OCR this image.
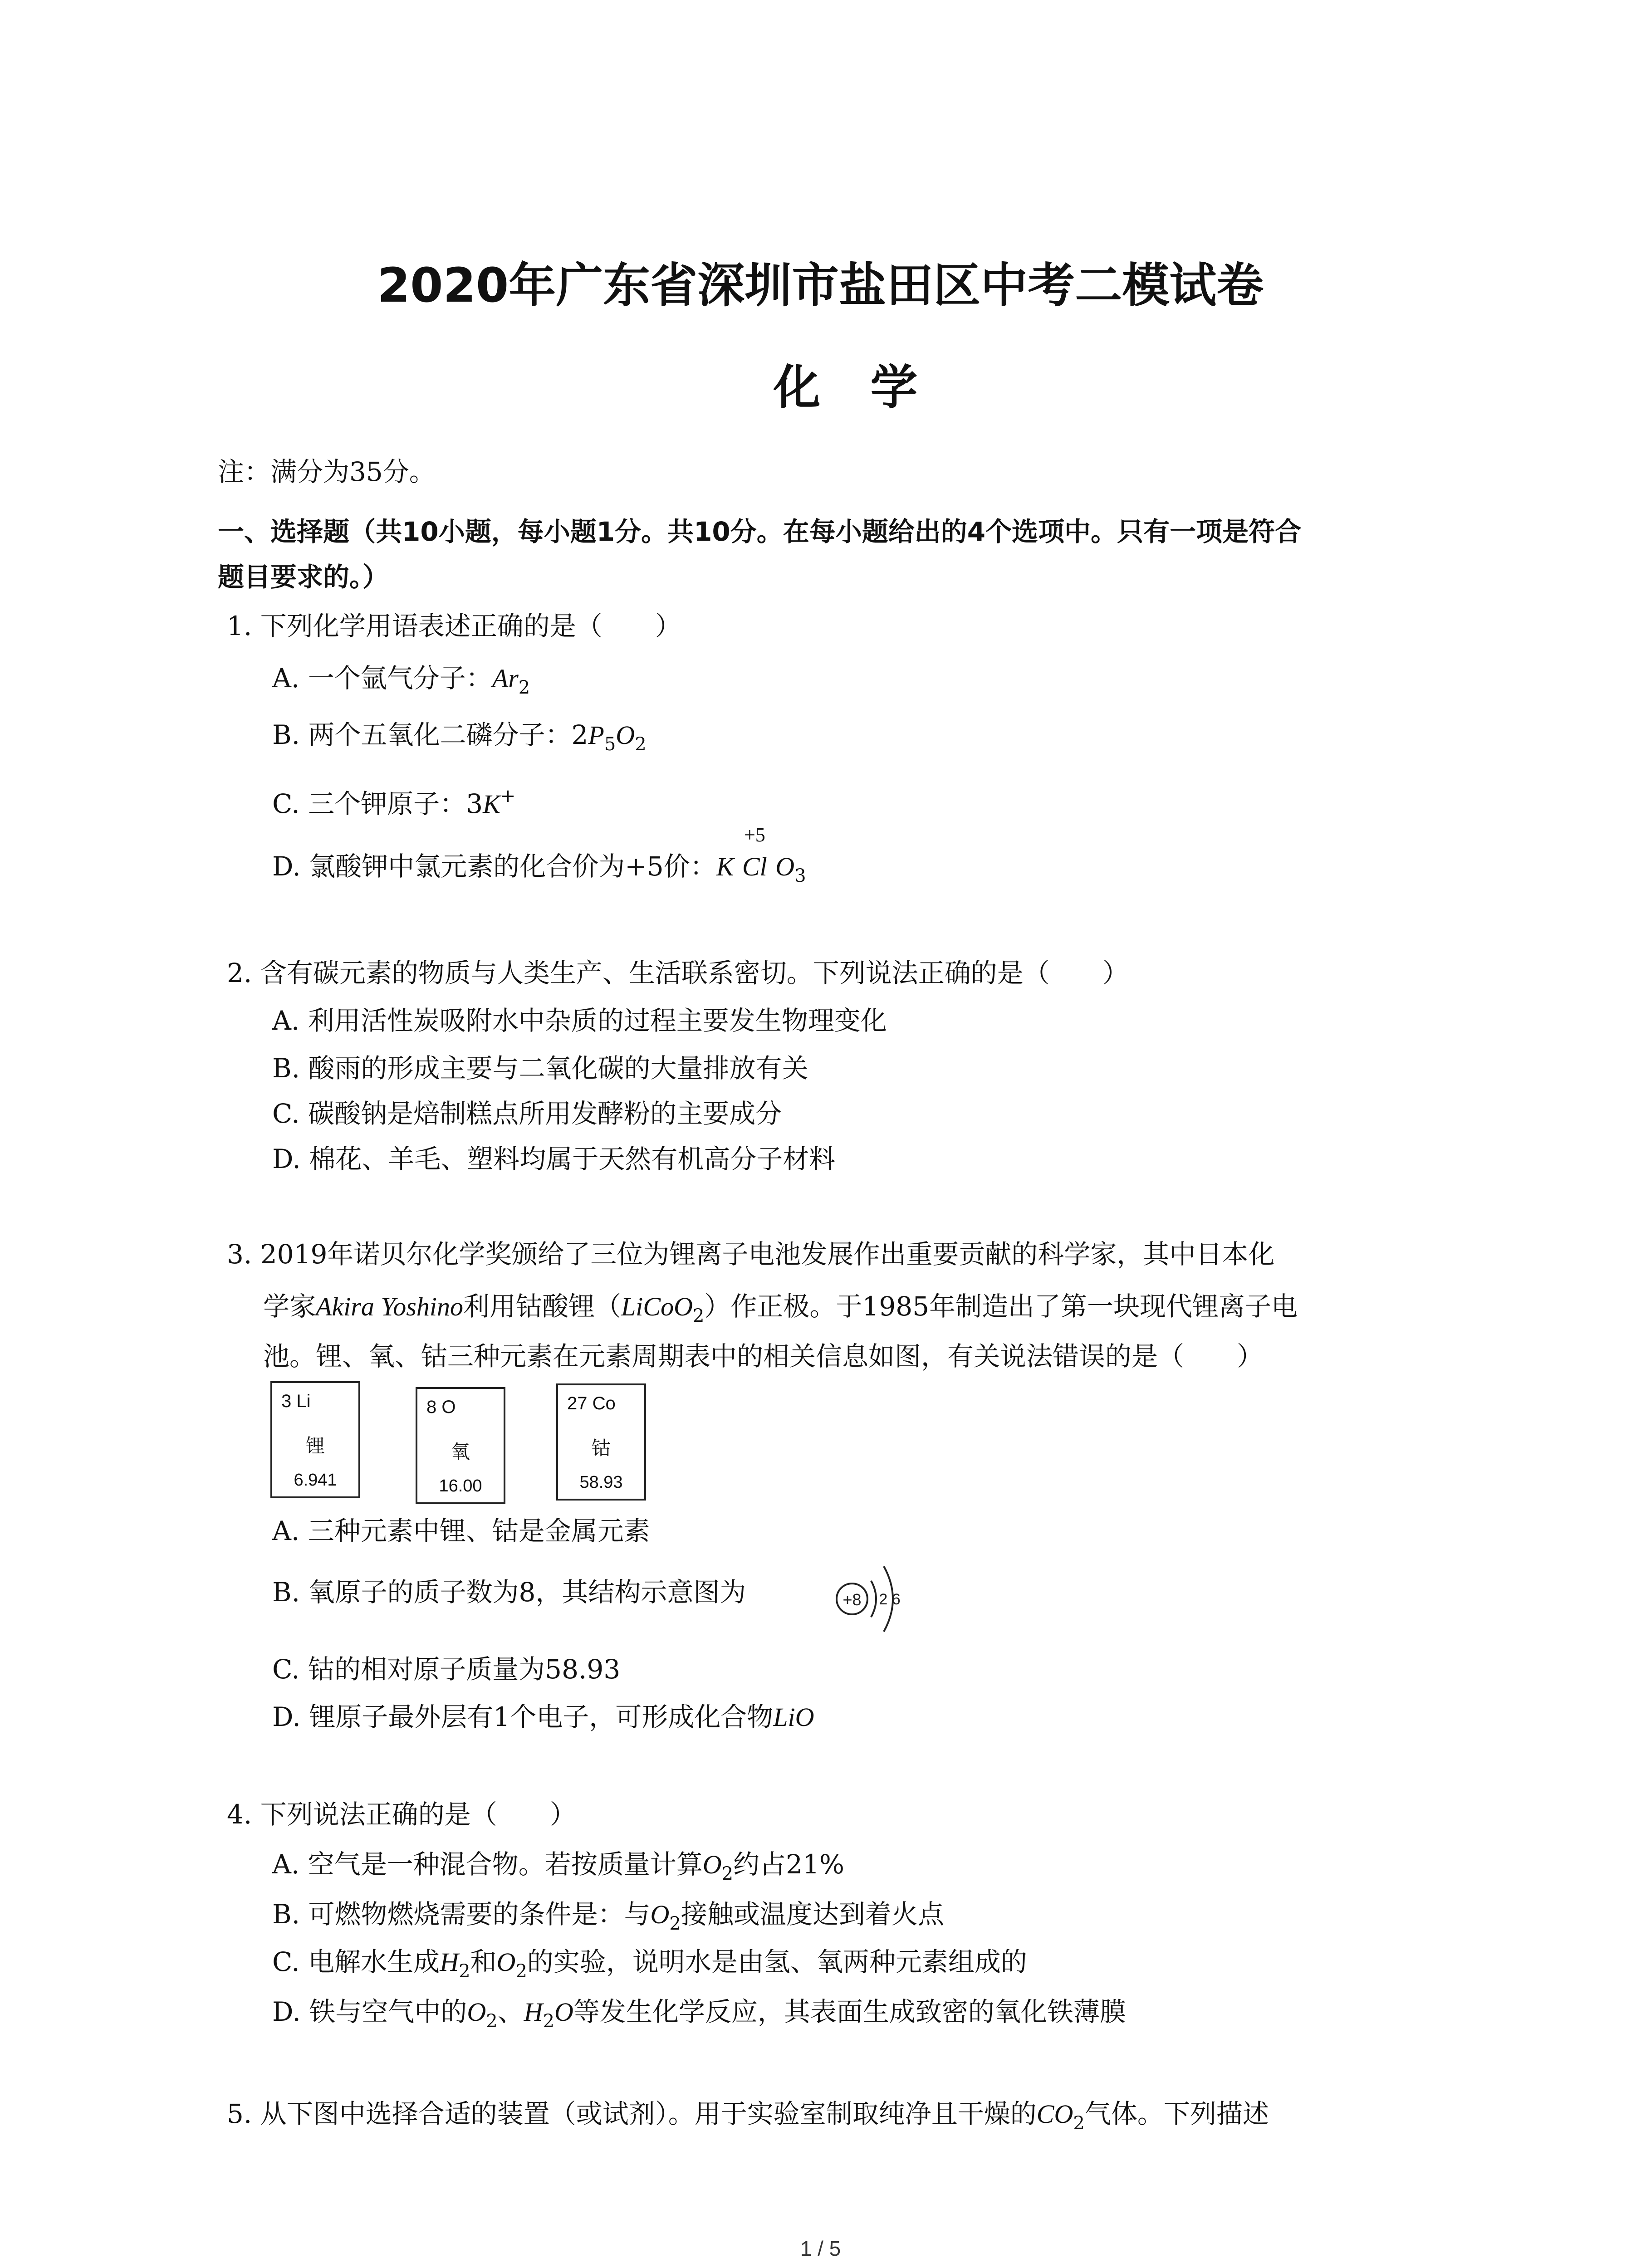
2020年广东省深圳市盐田区中考二模试卷
化学
注：满分为35分。
一、选择题（共10小题，每小题1分。共10分。在每小题给出的4个选项中。只有一项是符合
题目要求的。）
1. 下列化学用语表述正确的是（　　）
A. 一个氩气分子：$Ar_2$
B. 两个五氧化二磷分子：$2P_5O_2$
C. 三个钾原子：3K+
D. 氯酸钾中氯元素的化合价为+5价：K
+5
Cl $O_3$
2. 含有碳元素的物质与人类生产、生活联系密切。下列说法正确的是（　　）
A. 利用活性炭吸附水中杂质的过程主要发生物理变化
B. 酸雨的形成主要与二氧化碳的大量排放有关
C. 碳酸钠是焙制糕点所用发酵粉的主要成分
D. 棉花、羊毛、塑料均属于天然有机高分子材料
3. 2019年诺贝尔化学奖颁给了三位为锂离子电池发展作出重要贡献的科学家，其中日本化
学家Akira Yoshino利用钴酸锂（LiCoO$_2$）作正极。于1985年制造出了第一块现代锂离子电
池。锂、氧、钴三种元素在元素周期表中的相关信息如图，有关说法错误的是（　　）
3 Li
锂
6.941
8 O
氧
16.00
27 Co
钴
58.93
A. 三种元素中锂、钴是金属元素
B. 氧原子的质子数为8，其结构示意图为	+8 2 6
C. 钴的相对原子质量为58.93
D. 锂原子最外层有1个电子，可形成化合物LiO
4. 下列说法正确的是（　　）
A. 空气是一种混合物。若按质量计算$O_2$约占21%
B. 可燃物燃烧需要的条件是：与$O_2$接触或温度达到着火点
C. 电解水生成$H_2$和$O_2$的实验，说明水是由氢、氧两种元素组成的
D. 铁与空气中的$O_2$、$H_2O$等发生化学反应，其表面生成致密的氧化铁薄膜
5. 从下图中选择合适的装置（或试剂）。用于实验室制取纯净且干燥的$CO_2$气体。下列描述
1 / 5
